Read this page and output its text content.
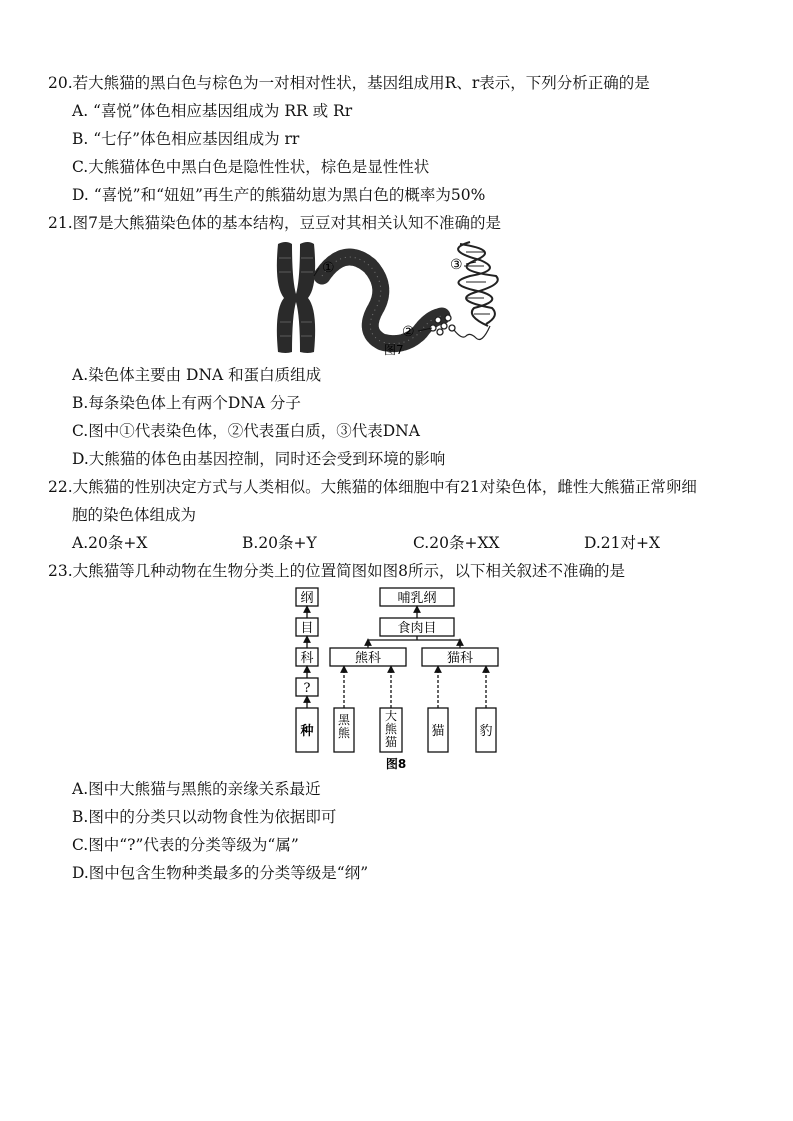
20.若大熊猫的黑白色与棕色为一对相对性状，基因组成用R、r表示，下列分析正确的是
A. “喜悦”体色相应基因组成为 RR 或 Rr
B. “七仔”体色相应基因组成为 rr
C.大熊猫体色中黑白色是隐性性状，棕色是显性性状
D. “喜悦”和“妞妞”再生产的熊猫幼崽为黑白色的概率为50%
21.图7是大熊猫染色体的基本结构，豆豆对其相关认知不准确的是
①
②
③
图7
A.染色体主要由 DNA 和蛋白质组成
B.每条染色体上有两个DNA 分子
C.图中①代表染色体，②代表蛋白质，③代表DNA
D.大熊猫的体色由基因控制，同时还会受到环境的影响
22.大熊猫的性别决定方式与人类相似。大熊猫的体细胞中有21对染色体，雌性大熊猫正常卵细
胞的染色体组成为
A.20条+X	B.20条+Y	C.20条+XX	D.21对+X
23.大熊猫等几种动物在生物分类上的位置简图如图8所示，以下相关叙述不准确的是
纲
目
科
?
种
哺乳纲
食肉目
熊科	猫科
黑熊
大熊猫
猫	豹
图8
A.图中大熊猫与黑熊的亲缘关系最近
B.图中的分类只以动物食性为依据即可
C.图中“?”代表的分类等级为“属”
D.图中包含生物种类最多的分类等级是“纲”
